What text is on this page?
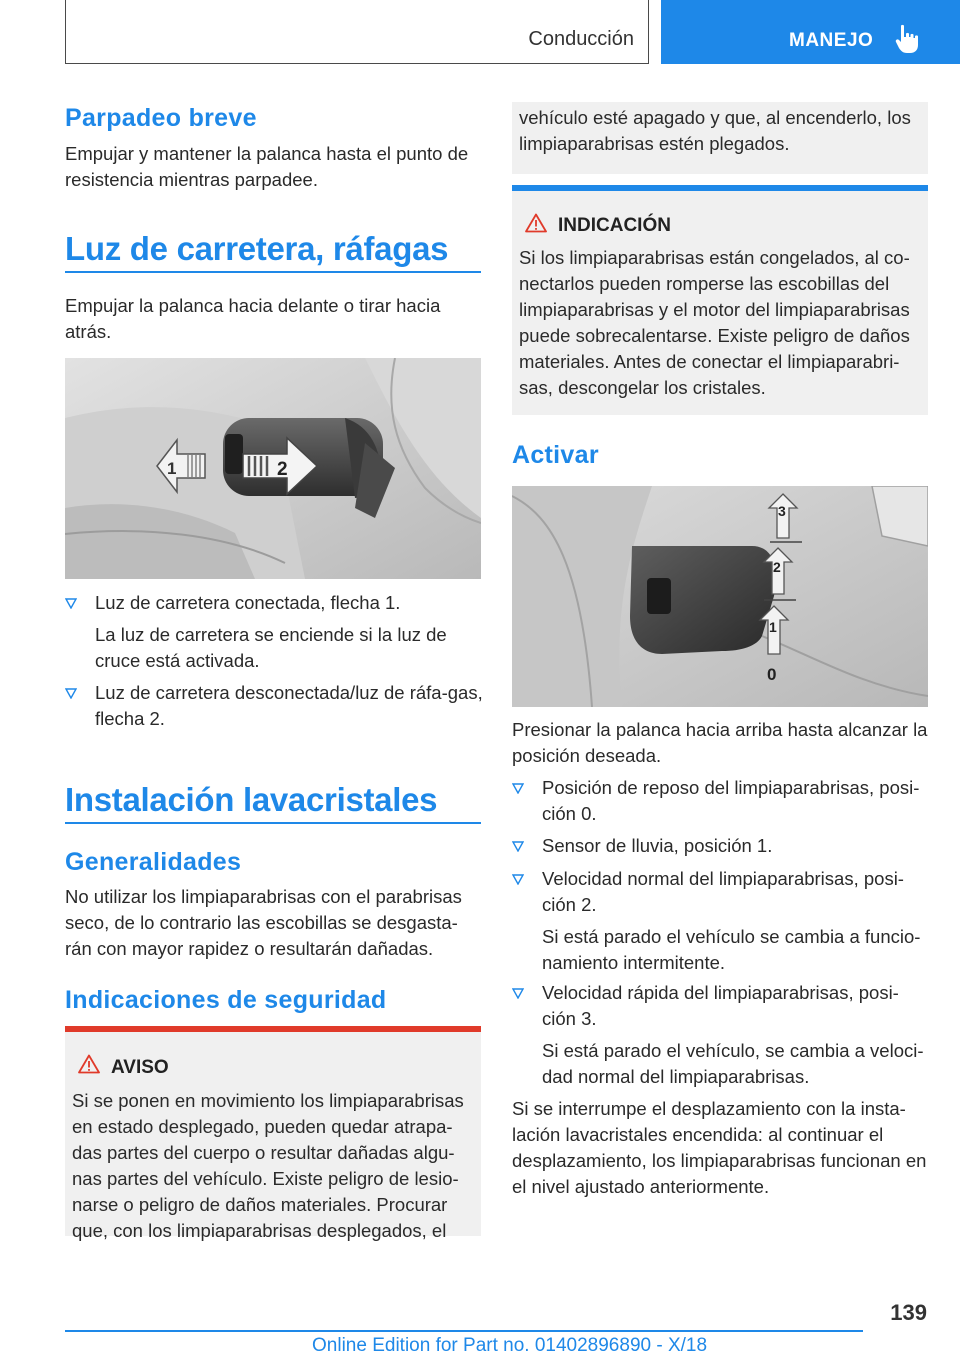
Conducción	MANEJO
Parpadeo breve
Empujar y mantener la palanca hasta el punto de resistencia mientras parpadee.
Luz de carretera, ráfagas
Empujar la palanca hacia delante o tirar hacia atrás.
1	2
Luz de carretera conectada, flecha 1.
La luz de carretera se enciende si la luz de cruce está activada.
Luz de carretera desconectada/luz de ráfa-gas, flecha 2.
Instalación lavacristales
Generalidades
No utilizar los limpiaparabrisas con el parabrisas seco, de lo contrario las escobillas se desgasta-rán con mayor rapidez o resultarán dañadas.
Indicaciones de seguridad
AVISO
Si se ponen en movimiento los limpiaparabrisas en estado desplegado, pueden quedar atrapa-das partes del cuerpo o resultar dañadas algu-nas partes del vehículo. Existe peligro de lesio-narse o peligro de daños materiales. Procurar que, con los limpiaparabrisas desplegados, el
vehículo esté apagado y que, al encenderlo, los limpiaparabrisas estén plegados.
INDICACIÓN
Si los limpiaparabrisas están congelados, al co-nectarlos pueden romperse las escobillas del limpiaparabrisas y el motor del limpiaparabrisas puede sobrecalentarse. Existe peligro de daños materiales. Antes de conectar el limpiaparabri-sas, descongelar los cristales.
Activar
3
2
1
0
Presionar la palanca hacia arriba hasta alcanzar la posición deseada.
Posición de reposo del limpiaparabrisas, posi-ción 0.
Sensor de lluvia, posición 1.
Velocidad normal del limpiaparabrisas, posi-ción 2.
Si está parado el vehículo se cambia a funcio-namiento intermitente.
Velocidad rápida del limpiaparabrisas, posi-ción 3.
Si está parado el vehículo, se cambia a veloci-dad normal del limpiaparabrisas.
Si se interrumpe el desplazamiento con la insta-lación lavacristales encendida: al continuar el desplazamiento, los limpiaparabrisas funcionan en el nivel ajustado anteriormente.
139
Online Edition for Part no. 01402896890 - X/18
